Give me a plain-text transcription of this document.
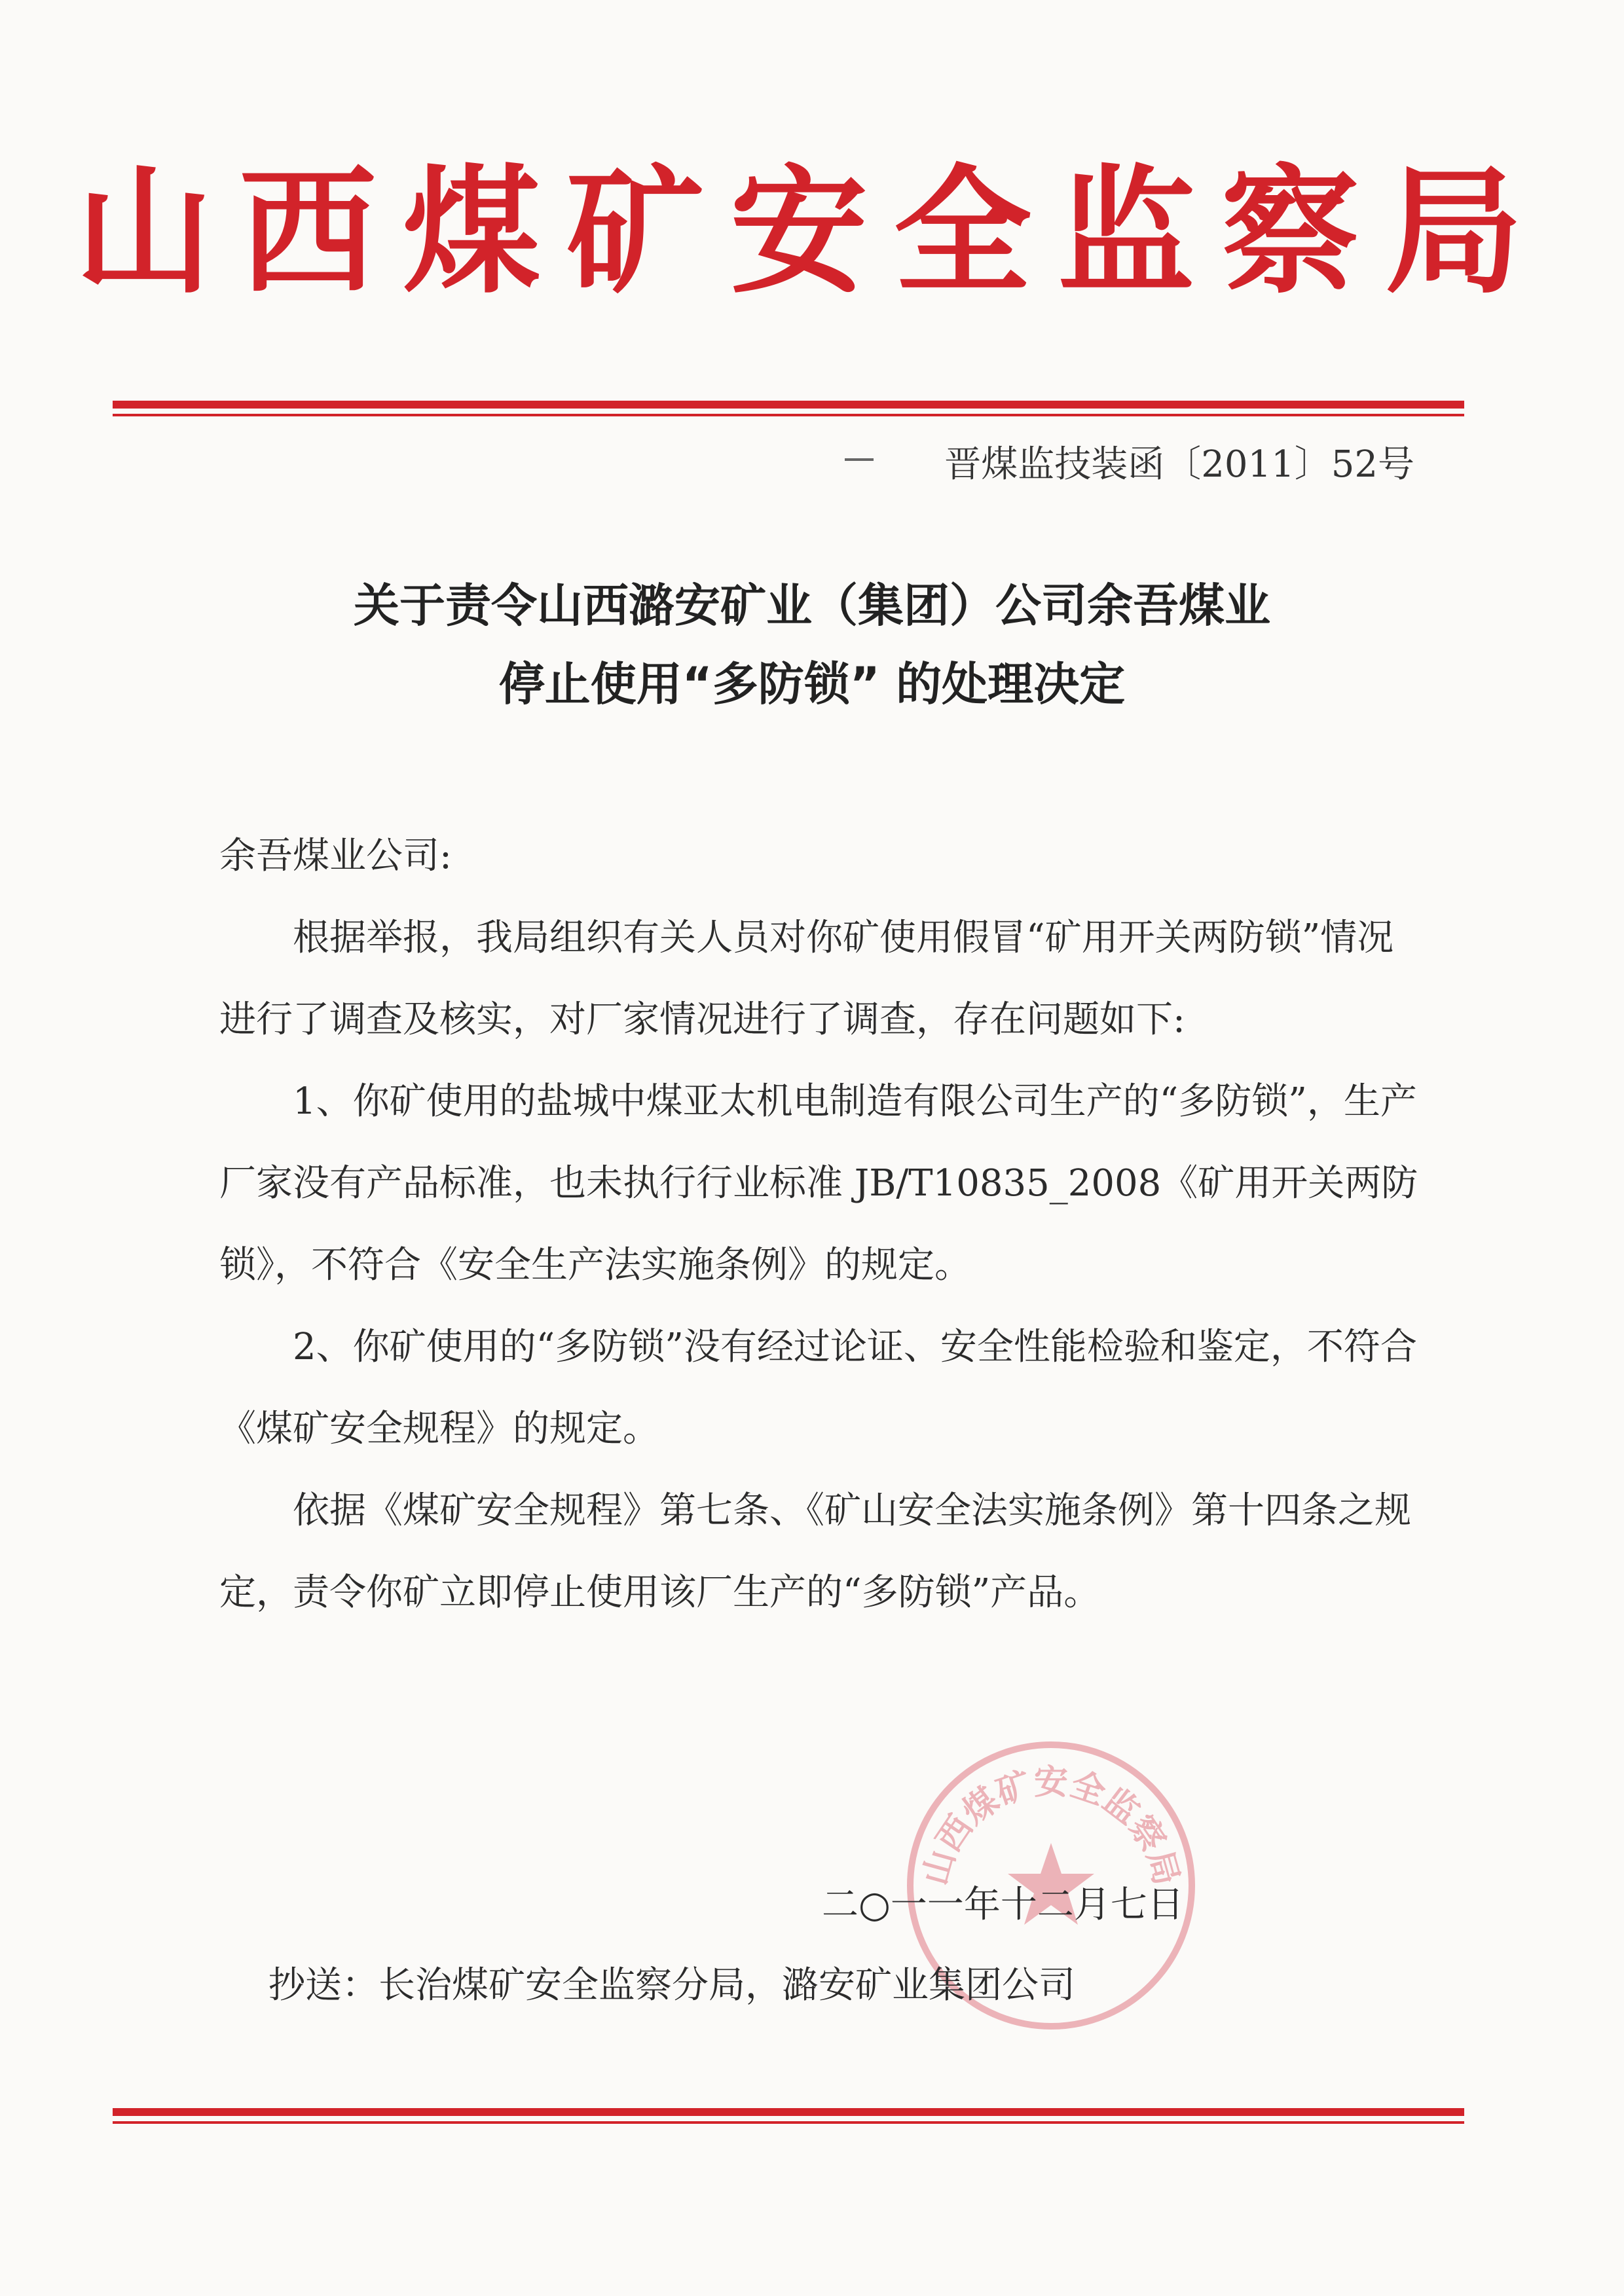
山西煤矿安全监察局
晋煤监技装函〔2011〕52号
关于责令山西潞安矿业（集团）公司余吾煤业
停止使用“多防锁” 的处理决定

余吾煤业公司:

根据举报，我局组织有关人员对你矿使用假冒“矿用开关两防锁”情况进行了调查及核实，对厂家情况进行了调查，存在问题如下:

1、你矿使用的盐城中煤亚太机电制造有限公司生产的“多防锁”，生产厂家没有产品标准，也未执行行业标准 JB/T10835_2008《矿用开关两防锁》，不符合《安全生产法实施条例》的规定。

2、你矿使用的“多防锁”没有经过论证、安全性能检验和鉴定，不符合《煤矿安全规程》的规定。

依据《煤矿安全规程》第七条、《矿山安全法实施条例》第十四条之规定，责令你矿立即停止使用该厂生产的“多防锁”产品。

山西煤矿安全监察局
二○一一年十二月七日
抄送：长治煤矿安全监察分局，潞安矿业集团公司
